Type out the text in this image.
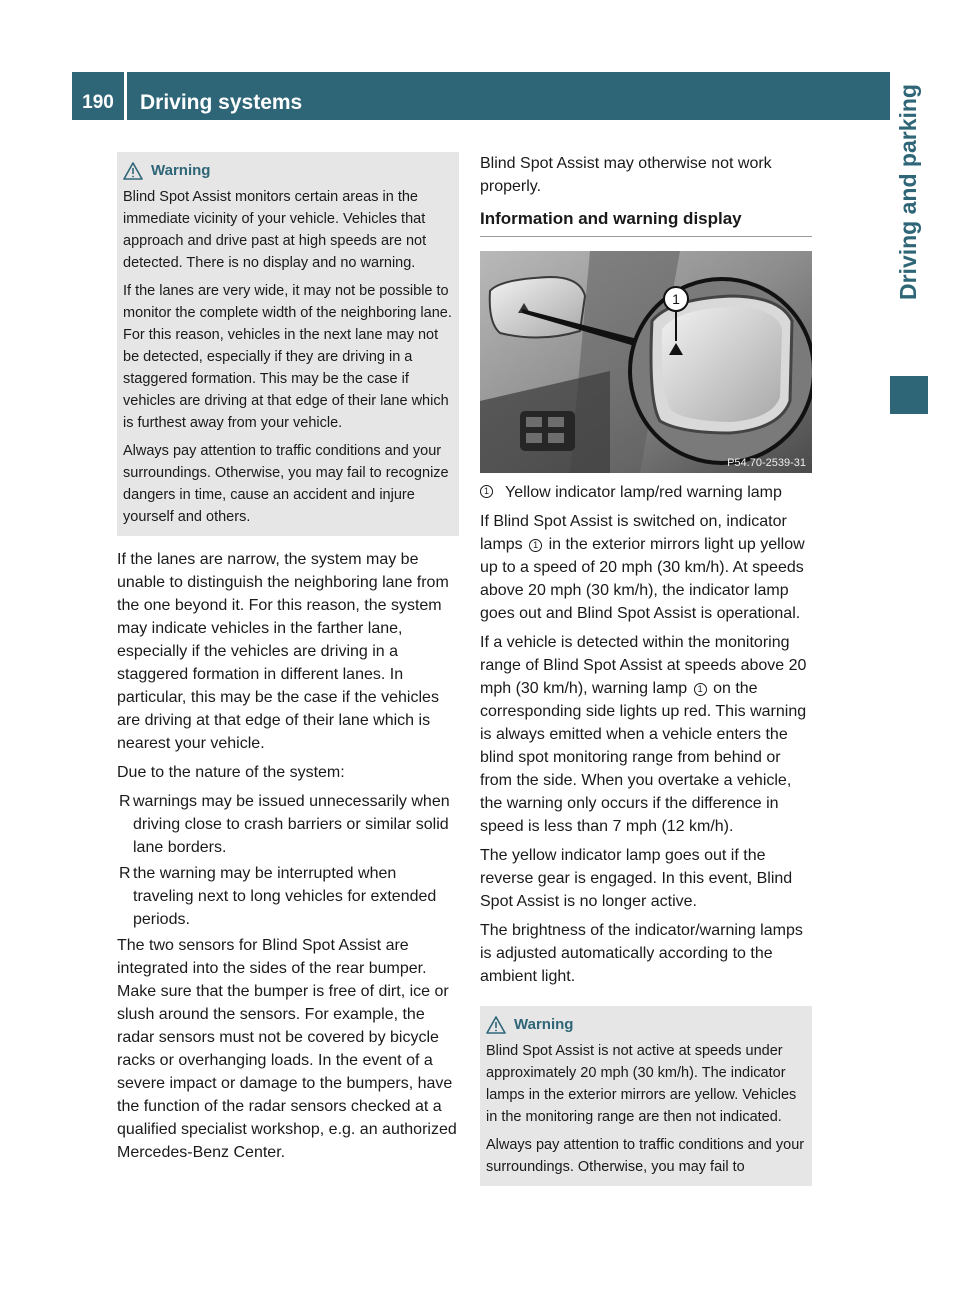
190	Driving systems	Driving and parking
Warning

Blind Spot Assist monitors certain areas in the immediate vicinity of your vehicle. Vehicles that approach and drive past at high speeds are not detected. There is no display and no warning.

If the lanes are very wide, it may not be possible to monitor the complete width of the neighboring lane. For this reason, vehicles in the next lane may not be detected, especially if they are driving in a staggered formation. This may be the case if vehicles are driving at that edge of their lane which is furthest away from your vehicle.

Always pay attention to traffic conditions and your surroundings. Otherwise, you may fail to recognize dangers in time, cause an accident and injure yourself and others.

If the lanes are narrow, the system may be unable to distinguish the neighboring lane from the one beyond it. For this reason, the system may indicate vehicles in the farther lane, especially if the vehicles are driving in a staggered formation in different lanes. In particular, this may be the case if the vehicles are driving at that edge of their lane which is nearest your vehicle.

Due to the nature of the system:

R warnings may be issued unnecessarily when driving close to crash barriers or similar solid lane borders.
R the warning may be interrupted when traveling next to long vehicles for extended periods.

The two sensors for Blind Spot Assist are integrated into the sides of the rear bumper. Make sure that the bumper is free of dirt, ice or slush around the sensors. For example, the radar sensors must not be covered by bicycle racks or overhanging loads. In the event of a severe impact or damage to the bumpers, have the function of the radar sensors checked at a qualified specialist workshop, e.g. an authorized Mercedes-Benz Center.

Blind Spot Assist may otherwise not work properly.

Information and warning display
1
P54.70-2539-31
1 Yellow indicator lamp/red warning lamp

If Blind Spot Assist is switched on, indicator lamps 1 in the exterior mirrors light up yellow up to a speed of 20 mph (30 km/h). At speeds above 20 mph (30 km/h), the indicator lamp goes out and Blind Spot Assist is operational.

If a vehicle is detected within the monitoring range of Blind Spot Assist at speeds above 20 mph (30 km/h), warning lamp 1 on the corresponding side lights up red. This warning is always emitted when a vehicle enters the blind spot monitoring range from behind or from the side. When you overtake a vehicle, the warning only occurs if the difference in speed is less than 7 mph (12 km/h).

The yellow indicator lamp goes out if the reverse gear is engaged. In this event, Blind Spot Assist is no longer active.

The brightness of the indicator/warning lamps is adjusted automatically according to the ambient light.

Warning

Blind Spot Assist is not active at speeds under approximately 20 mph (30 km/h). The indicator lamps in the exterior mirrors are yellow. Vehicles in the monitoring range are then not indicated.

Always pay attention to traffic conditions and your surroundings. Otherwise, you may fail to
